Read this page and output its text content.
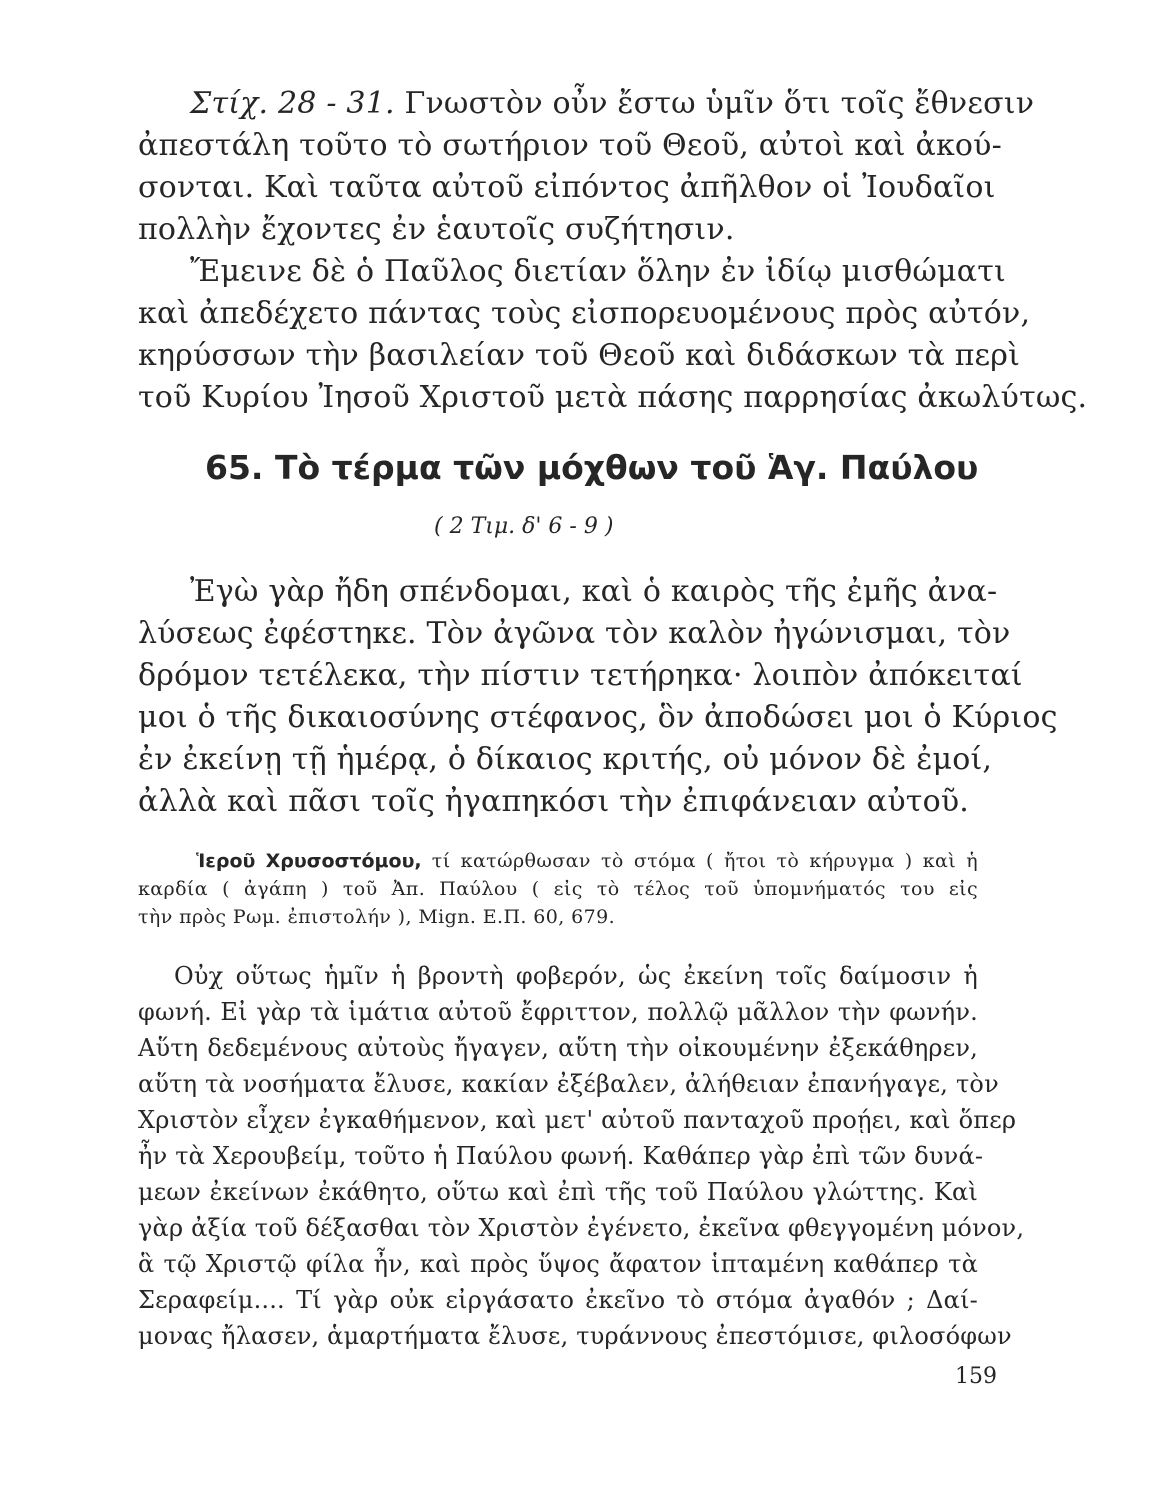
Στίχ. 28 - 31. Γνωστὸν οὖν ἔστω ὑμῖν ὅτι τοῖς ἔθνεσιν

ἀπεστάλη τοῦτο τὸ σωτήριον τοῦ Θεοῦ, αὐτοὶ καὶ ἀκού-

σονται. Καὶ ταῦτα αὐτοῦ εἰπόντος ἀπῆλθον οἱ Ἰουδαῖοι

πολλὴν ἔχοντες ἐν ἑαυτοῖς συζήτησιν.

Ἔμεινε δὲ ὁ Παῦλος διετίαν ὅλην ἐν ἰδίῳ μισθώματι

καὶ ἀπεδέχετο πάντας τοὺς εἰσπορευομένους πρὸς αὐτόν,

κηρύσσων τὴν βασιλείαν τοῦ Θεοῦ καὶ διδάσκων τὰ περὶ

τοῦ Κυρίου Ἰησοῦ Χριστοῦ μετὰ πάσης παρρησίας ἀκωλύτως.

65. Τὸ τέρμα τῶν μόχθων τοῦ Ἁγ. Παύλου
( 2 Τιμ. δ' 6 - 9 )

Ἐγὼ γὰρ ἤδη σπένδομαι, καὶ ὁ καιρὸς τῆς ἐμῆς ἀνα-

λύσεως ἐφέστηκε. Τὸν ἀγῶνα τὸν καλὸν ἠγώνισμαι, τὸν

δρόμον τετέλεκα, τὴν πίστιν τετήρηκα· λοιπὸν ἀπόκειταί

μοι ὁ τῆς δικαιοσύνης στέφανος, ὃν ἀποδώσει μοι ὁ Κύριος

ἐν ἐκείνῃ τῇ ἡμέρᾳ, ὁ δίκαιος κριτής, οὐ μόνον δὲ ἐμοί,

ἀλλὰ καὶ πᾶσι τοῖς ἠγαπηκόσι τὴν ἐπιφάνειαν αὐτοῦ.

Ἱεροῦ Χρυσοστόμου, τί κατώρθωσαν τὸ στόμα ( ἤτοι τὸ κήρυγμα ) καὶ ἡ

καρδία ( ἀγάπη ) τοῦ Ἀπ. Παύλου ( εἰς τὸ τέλος τοῦ ὑπομνήματός του εἰς

τὴν πρὸς Ρωμ. ἐπιστολήν ), Mign. Ε.Π. 60, 679.

Οὐχ οὕτως ἡμῖν ἡ βροντὴ φοβερόν, ὡς ἐκείνη τοῖς δαίμοσιν ἡ

φωνή. Εἰ γὰρ τὰ ἱμάτια αὐτοῦ ἔφριττον, πολλῷ μᾶλλον τὴν φωνήν.

Αὕτη δεδεμένους αὐτοὺς ἤγαγεν, αὕτη τὴν οἰκουμένην ἐξεκάθηρεν,

αὕτη τὰ νοσήματα ἔλυσε, κακίαν ἐξέβαλεν, ἀλήθειαν ἐπανήγαγε, τὸν

Χριστὸν εἶχεν ἐγκαθήμενον, καὶ μετ' αὐτοῦ πανταχοῦ προῄει, καὶ ὅπερ

ἦν τὰ Χερουβείμ, τοῦτο ἡ Παύλου φωνή. Καθάπερ γὰρ ἐπὶ τῶν δυνά-

μεων ἐκείνων ἐκάθητο, οὕτω καὶ ἐπὶ τῆς τοῦ Παύλου γλώττης. Καὶ

γὰρ ἀξία τοῦ δέξασθαι τὸν Χριστὸν ἐγένετο, ἐκεῖνα φθεγγομένη μόνον,

ἃ τῷ Χριστῷ φίλα ἦν, καὶ πρὸς ὕψος ἄφατον ἱπταμένη καθάπερ τὰ

Σεραφείμ.... Τί γὰρ οὐκ εἰργάσατο ἐκεῖνο τὸ στόμα ἀγαθόν ; Δαί-

μονας ἤλασεν, ἁμαρτήματα ἔλυσε, τυράννους ἐπεστόμισε, φιλοσόφων

159
